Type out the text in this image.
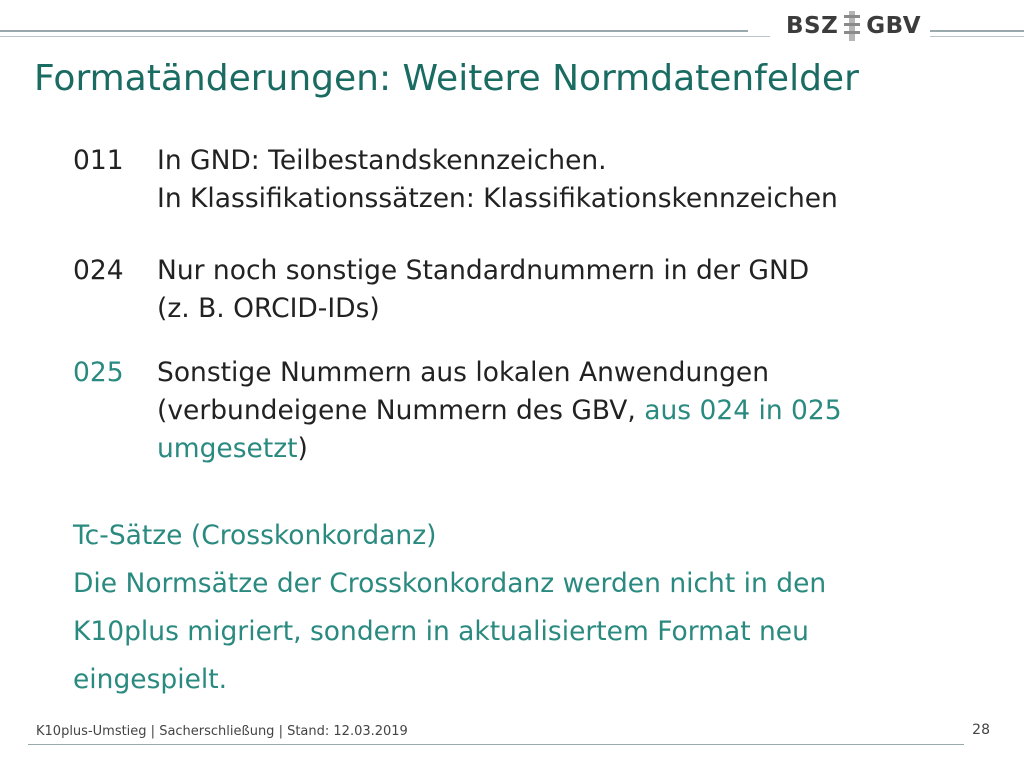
BSZ GBV
Formatänderungen: Weitere Normdatenfelder
011 In GND: Teilbestandskennzeichen.
In Klassifikationssätzen: Klassifikationskennzeichen
024 Nur noch sonstige Standardnummern in der GND
(z. B. ORCID-IDs)
025 Sonstige Nummern aus lokalen Anwendungen
(verbundeigene Nummern des GBV, aus 024 in 025
umgesetzt)
Tc-Sätze (Crosskonkordanz)
Die Normsätze der Crosskonkordanz werden nicht in den
K10plus migriert, sondern in aktualisiertem Format neu
eingespielt.
K10plus-Umstieg | Sacherschließung | Stand: 12.03.2019	28
